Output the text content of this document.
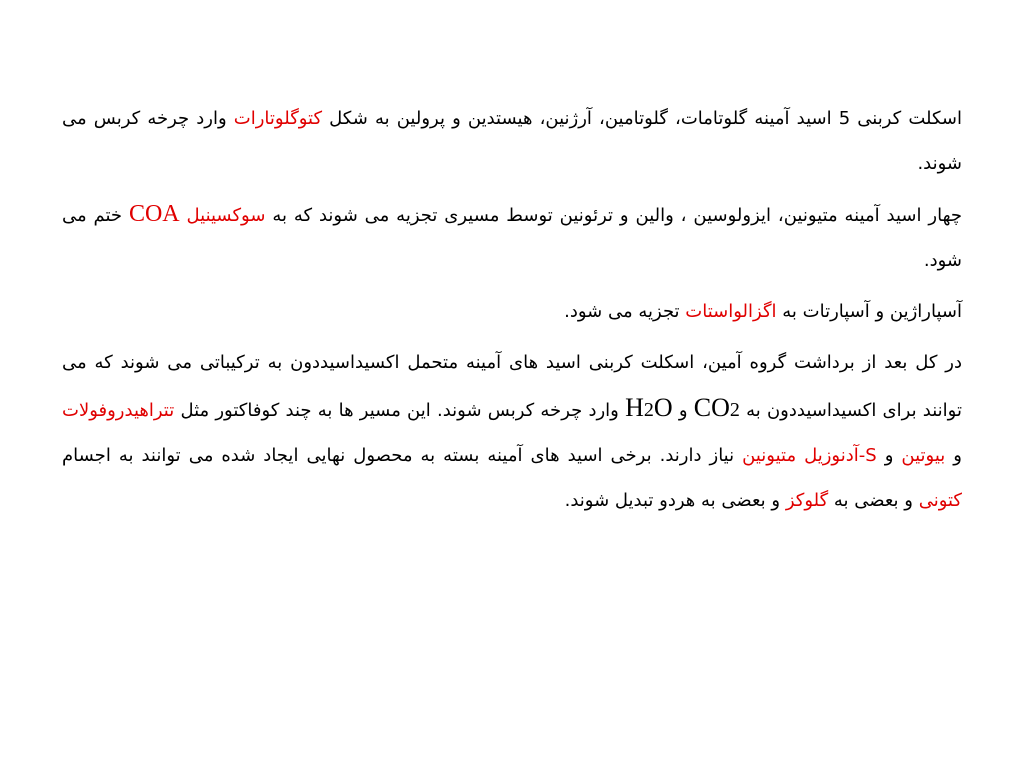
اسکلت کربنی 5 اسید آمینه گلوتامات، گلوتامین، آرژنین، هیستدین و پرولین به شکل کتوگلوتارات وارد چرخه کربس می شوند.

چهار اسید آمینه متیونین، ایزولوسین ، والین و ترئونین توسط مسیری تجزیه می شوند که به سوکسینیل COA ختم می شود.

آسپاراژین و آسپارتات به اگزالواستات تجزیه می شود.

در کل بعد از برداشت گروه آمین، اسکلت کربنی اسید های آمینه متحمل اکسیداسیددون به ترکیباتی می شوند که می توانند برای اکسیداسیددون به CO2 و H2O وارد چرخه کربس شوند. این مسیر ها به چند کوفاکتور مثل تتراهیدروفولات و بیوتین و S-آدنوزیل متیونین نیاز دارند. برخی اسید های آمینه بسته به محصول نهایی ایجاد شده می توانند به اجسام کتونی و بعضی به گلوکز و بعضی به هردو تبدیل شوند.
